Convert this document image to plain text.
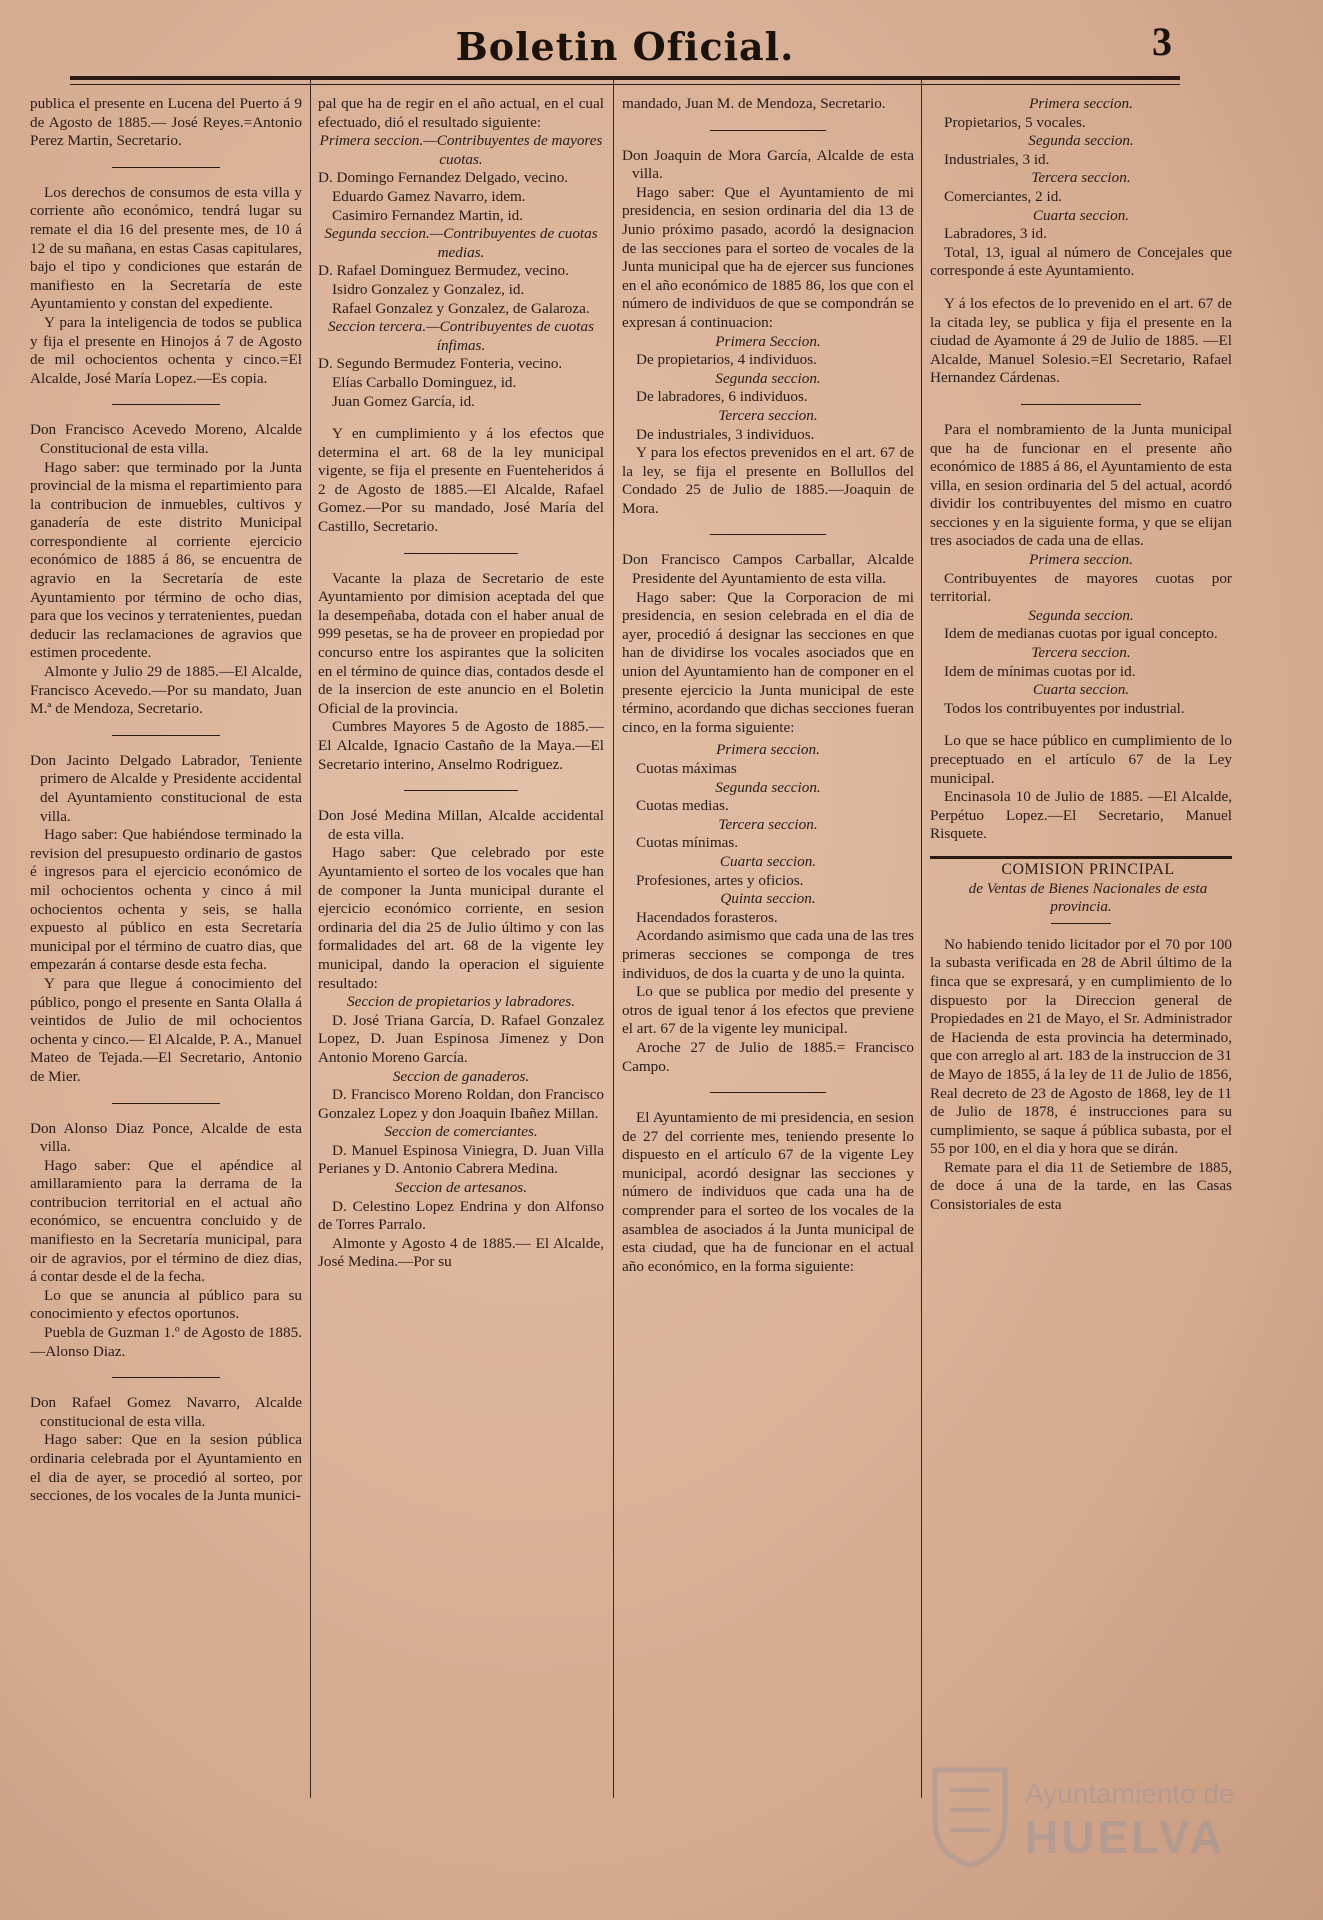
Boletin Oficial.	3

publica el presente en Lucena del Puerto á 9 de Agosto de 1885.— José Reyes.=Antonio Perez Martin, Secretario.

Los derechos de consumos de esta villa y corriente año económico, tendrá lugar su remate el dia 16 del presente mes, de 10 á 12 de su mañana, en estas Casas capitulares, bajo el tipo y condiciones que estarán de manifiesto en la Secretaría de este Ayuntamiento y constan del expediente.

Y para la inteligencia de todos se publica y fija el presente en Hinojos á 7 de Agosto de mil ochocientos ochenta y cinco.=El Alcalde, José María Lopez.—Es copia.

Don Francisco Acevedo Moreno, Alcalde Constitucional de esta villa.

Hago saber: que terminado por la Junta provincial de la misma el repartimiento para la contribucion de inmuebles, cultivos y ganadería de este distrito Municipal correspondiente al corriente ejercicio económico de 1885 á 86, se encuentra de agravio en la Secretaría de este Ayuntamiento por término de ocho dias, para que los vecinos y terratenientes, puedan deducir las reclamaciones de agravios que estimen procedente.

Almonte y Julio 29 de 1885.—El Alcalde, Francisco Acevedo.—Por su mandato, Juan M.ª de Mendoza, Secretario.

Don Jacinto Delgado Labrador, Teniente primero de Alcalde y Presidente accidental del Ayuntamiento constitucional de esta villa.

Hago saber: Que habiéndose terminado la revision del presupuesto ordinario de gastos é ingresos para el ejercicio económico de mil ochocientos ochenta y cinco á mil ochocientos ochenta y seis, se halla expuesto al público en esta Secretaría municipal por el término de cuatro dias, que empezarán á contarse desde esta fecha.

Y para que llegue á conocimiento del público, pongo el presente en Santa Olalla á veintidos de Julio de mil ochocientos ochenta y cinco.— El Alcalde, P. A., Manuel Mateo de Tejada.—El Secretario, Antonio de Mier.

Don Alonso Diaz Ponce, Alcalde de esta villa.

Hago saber: Que el apéndice al amillaramiento para la derrama de la contribucion territorial en el actual año económico, se encuentra concluido y de manifiesto en la Secretaría municipal, para oir de agravios, por el término de diez dias, á contar desde el de la fecha.

Lo que se anuncia al público para su conocimiento y efectos oportunos.

Puebla de Guzman 1.º de Agosto de 1885.—Alonso Diaz.

Don Rafael Gomez Navarro, Alcalde constitucional de esta villa.

Hago saber: Que en la sesion pública ordinaria celebrada por el Ayuntamiento en el dia de ayer, se procedió al sorteo, por secciones, de los vocales de la Junta munici-

pal que ha de regir en el año actual, en el cual efectuado, dió el resultado siguiente:

Primera seccion.—Contribuyentes de mayores cuotas.

D. Domingo Fernandez Delgado, vecino.

Eduardo Gamez Navarro, idem.

Casimiro Fernandez Martin, id.

Segunda seccion.—Contribuyentes de cuotas medias.

D. Rafael Dominguez Bermudez, vecino.

Isidro Gonzalez y Gonzalez, id.

Rafael Gonzalez y Gonzalez, de Galaroza.

Seccion tercera.—Contribuyentes de cuotas ínfimas.

D. Segundo Bermudez Fonteria, vecino.

Elías Carballo Dominguez, id.

Juan Gomez García, id.

Y en cumplimiento y á los efectos que determina el art. 68 de la ley municipal vigente, se fija el presente en Fuenteheridos á 2 de Agosto de 1885.—El Alcalde, Rafael Gomez.—Por su mandado, José María del Castillo, Secretario.

Vacante la plaza de Secretario de este Ayuntamiento por dimision aceptada del que la desempeñaba, dotada con el haber anual de 999 pesetas, se ha de proveer en propiedad por concurso entre los aspirantes que la soliciten en el término de quince dias, contados desde el de la insercion de este anuncio en el Boletin Oficial de la provincia.

Cumbres Mayores 5 de Agosto de 1885.—El Alcalde, Ignacio Castaño de la Maya.—El Secretario interino, Anselmo Rodriguez.

Don José Medina Millan, Alcalde accidental de esta villa.

Hago saber: Que celebrado por este Ayuntamiento el sorteo de los vocales que han de componer la Junta municipal durante el ejercicio económico corriente, en sesion ordinaria del dia 25 de Julio último y con las formalidades del art. 68 de la vigente ley municipal, dando la operacion el siguiente resultado:

Seccion de propietarios y labradores.

D. José Triana García, D. Rafael Gonzalez Lopez, D. Juan Espinosa Jimenez y Don Antonio Moreno García.

Seccion de ganaderos.

D. Francisco Moreno Roldan, don Francisco Gonzalez Lopez y don Joaquin Ibañez Millan.

Seccion de comerciantes.

D. Manuel Espinosa Viniegra, D. Juan Villa Perianes y D. Antonio Cabrera Medina.

Seccion de artesanos.

D. Celestino Lopez Endrina y don Alfonso de Torres Parralo.

Almonte y Agosto 4 de 1885.— El Alcalde, José Medina.—Por su

mandado, Juan M. de Mendoza, Secretario.

Don Joaquin de Mora García, Alcalde de esta villa.

Hago saber: Que el Ayuntamiento de mi presidencia, en sesion ordinaria del dia 13 de Junio próximo pasado, acordó la designacion de las secciones para el sorteo de vocales de la Junta municipal que ha de ejercer sus funciones en el año económico de 1885 86, los que con el número de individuos de que se compondrán se expresan á continuacion:

Primera Seccion.

De propietarios, 4 individuos.

Segunda seccion.

De labradores, 6 individuos.

Tercera seccion.

De industriales, 3 individuos.

Y para los efectos prevenidos en el art. 67 de la ley, se fija el presente en Bollullos del Condado 25 de Julio de 1885.—Joaquin de Mora.

Don Francisco Campos Carballar, Alcalde Presidente del Ayuntamiento de esta villa.

Hago saber: Que la Corporacion de mi presidencia, en sesion celebrada en el dia de ayer, procedió á designar las secciones en que han de dividirse los vocales asociados que en union del Ayuntamiento han de componer en el presente ejercicio la Junta municipal de este término, acordando que dichas secciones fueran cinco, en la forma siguiente:

Primera seccion.

Cuotas máximas

Segunda seccion.

Cuotas medias.

Tercera seccion.

Cuotas mínimas.

Cuarta seccion.

Profesiones, artes y oficios.

Quinta seccion.

Hacendados forasteros.

Acordando asimismo que cada una de las tres primeras secciones se componga de tres individuos, de dos la cuarta y de uno la quinta.

Lo que se publica por medio del presente y otros de igual tenor á los efectos que previene el art. 67 de la vigente ley municipal.

Aroche 27 de Julio de 1885.= Francisco Campo.

El Ayuntamiento de mi presidencia, en sesion de 27 del corriente mes, teniendo presente lo dispuesto en el artículo 67 de la vigente Ley municipal, acordó designar las secciones y número de individuos que cada una ha de comprender para el sorteo de los vocales de la asamblea de asociados á la Junta municipal de esta ciudad, que ha de funcionar en el actual año económico, en la forma siguiente:

Primera seccion.

Propietarios, 5 vocales.

Segunda seccion.

Industriales, 3 id.

Tercera seccion.

Comerciantes, 2 id.

Cuarta seccion.

Labradores, 3 id.

Total, 13, igual al número de Concejales que corresponde á este Ayuntamiento.

Y á los efectos de lo prevenido en el art. 67 de la citada ley, se publica y fija el presente en la ciudad de Ayamonte á 29 de Julio de 1885. —El Alcalde, Manuel Solesio.=El Secretario, Rafael Hernandez Cárdenas.

Para el nombramiento de la Junta municipal que ha de funcionar en el presente año económico de 1885 á 86, el Ayuntamiento de esta villa, en sesion ordinaria del 5 del actual, acordó dividir los contribuyentes del mismo en cuatro secciones y en la siguiente forma, y que se elijan tres asociados de cada una de ellas.

Primera seccion.

Contribuyentes de mayores cuotas por territorial.

Segunda seccion.

Idem de medianas cuotas por igual concepto.

Tercera seccion.

Idem de mínimas cuotas por id.

Cuarta seccion.

Todos los contribuyentes por industrial.

Lo que se hace público en cumplimiento de lo preceptuado en el artículo 67 de la Ley municipal.

Encinasola 10 de Julio de 1885. —El Alcalde, Perpétuo Lopez.—El Secretario, Manuel Risquete.

COMISION PRINCIPAL

de Ventas de Bienes Nacionales de esta provincia.

No habiendo tenido licitador por el 70 por 100 la subasta verificada en 28 de Abril último de la finca que se expresará, y en cumplimiento de lo dispuesto por la Direccion general de Propiedades en 21 de Mayo, el Sr. Administrador de Hacienda de esta provincia ha determinado, que con arreglo al art. 183 de la instruccion de 31 de Mayo de 1855, á la ley de 11 de Julio de 1856, Real decreto de 23 de Agosto de 1868, ley de 11 de Julio de 1878, é instrucciones para su cumplimiento, se saque á pública subasta, por el 55 por 100, en el dia y hora que se dirán.

Remate para el dia 11 de Setiembre de 1885, de doce á una de la tarde, en las Casas Consistoriales de esta

Ayuntamiento de
HUELVA
